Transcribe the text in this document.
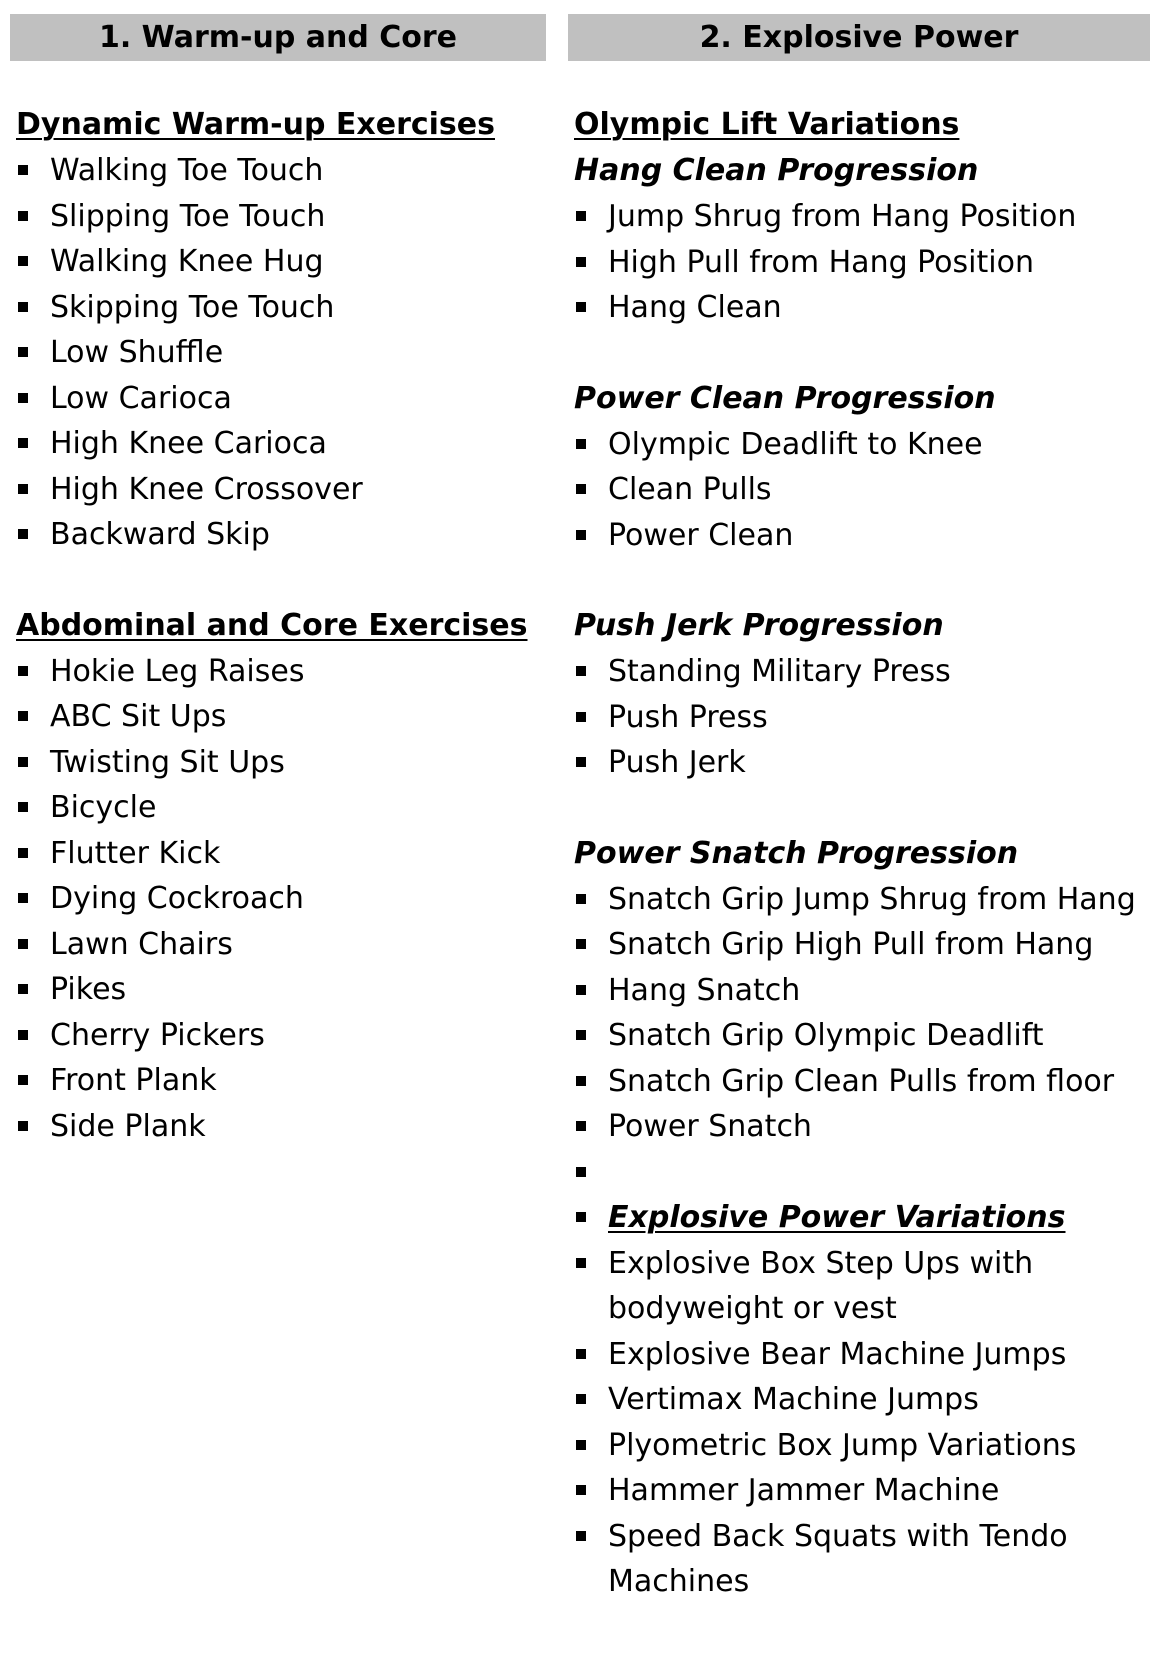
1. Warm-up and Core
Dynamic Warm-up Exercises
Walking Toe Touch
Slipping Toe Touch
Walking Knee Hug
Skipping Toe Touch
Low Shuffle
Low Carioca
High Knee Carioca
High Knee Crossover
Backward Skip
Abdominal and Core Exercises
Hokie Leg Raises
ABC Sit Ups
Twisting Sit Ups
Bicycle
Flutter Kick
Dying Cockroach
Lawn Chairs
Pikes
Cherry Pickers
Front Plank
Side Plank
2. Explosive Power
Olympic Lift Variations
Hang Clean Progression
Jump Shrug from Hang Position
High Pull from Hang Position
Hang Clean
Power Clean Progression
Olympic Deadlift to Knee
Clean Pulls
Power Clean
Push Jerk Progression
Standing Military Press
Push Press
Push Jerk
Power Snatch Progression
Snatch Grip Jump Shrug from Hang
Snatch Grip High Pull from Hang
Hang Snatch
Snatch Grip Olympic Deadlift
Snatch Grip Clean Pulls from floor
Power Snatch
Explosive Power Variations
Explosive Box Step Ups with bodyweight or vest
Explosive Bear Machine Jumps
Vertimax Machine Jumps
Plyometric Box Jump Variations
Hammer Jammer Machine
Speed Back Squats with Tendo Machines
